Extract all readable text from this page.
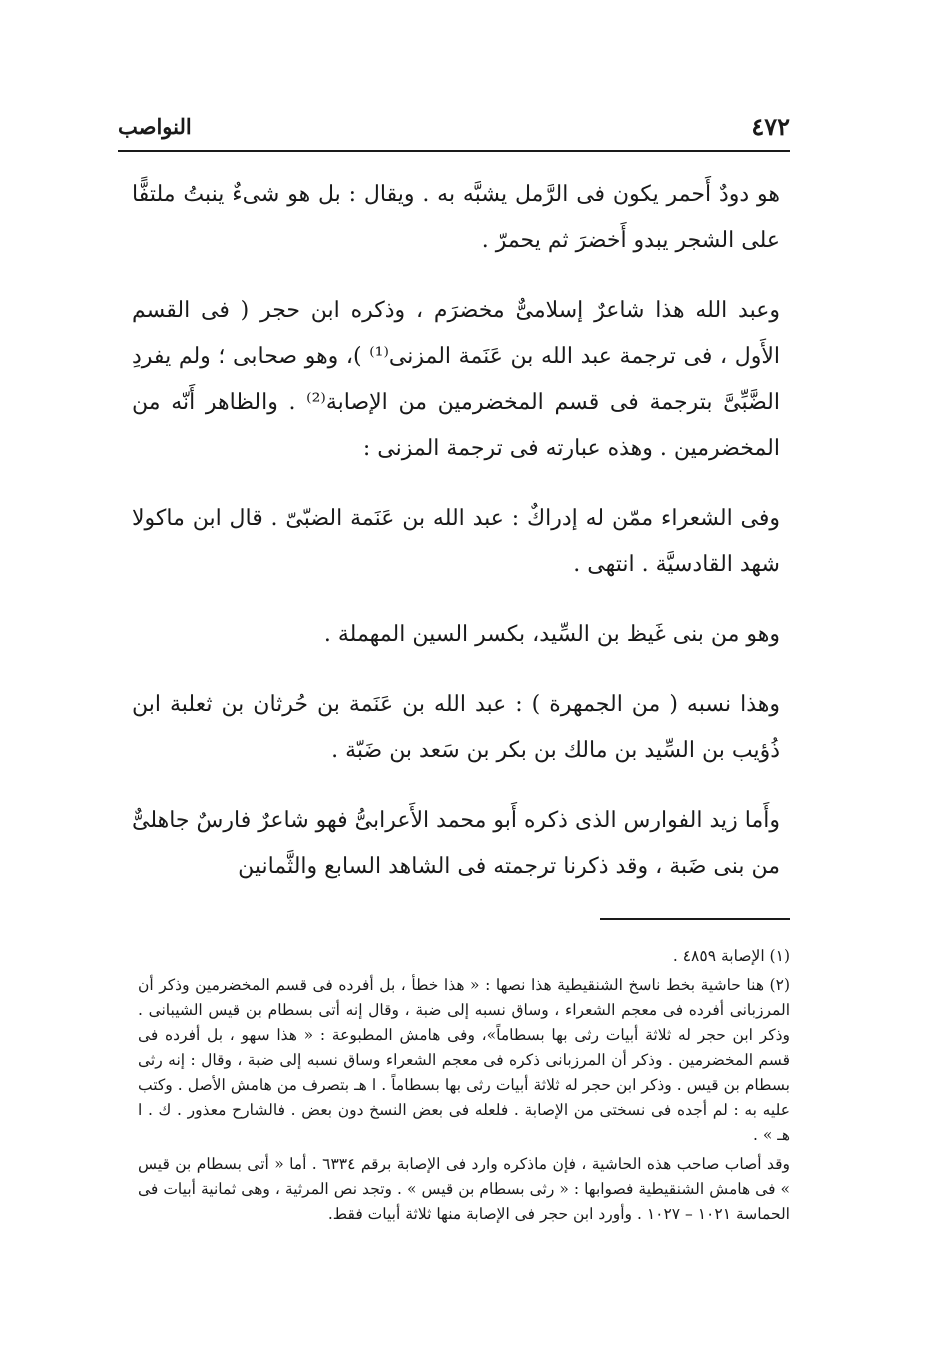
٤٧٢
النواصب

هو دودٌ أَحمر يكون فى الرَّمل يشبَّه به . ويقال : بل هو شىءٌ ينبتُ ملتفًّا على الشجر يبدو أَخضرَ ثم يحمرّ .

وعبد الله هذا شاعرٌ إسلامىٌّ مخضرَم ، وذكره ابن حجر ( فى القسم الأَول ، فى ترجمة عبد الله بن عَنَمة المزنى⁽¹⁾ )، وهو صحابى ؛ ولم يفردِ الضَّبِّىَّ بترجمة فى قسم المخضرمين من الإصابة⁽²⁾ . والظاهر أَنّه من المخضرمين . وهذه عبارته فى ترجمة المزنى :

وفى الشعراء ممّن له إدراكٌ : عبد الله بن عَنَمة الضبّىّ . قال ابن ماكولا شهد القادسيَّة . انتهى .

وهو من بنى غَيظ بن السِّيد، بكسر السين المهملة .

وهذا نسبه ( من الجمهرة ) : عبد الله بن عَنَمة بن حُرثان بن ثعلبة ابن ذُؤيب بن السِّيد بن مالك بن بكر بن سَعد بن ضَبّة .

وأَما زيد الفوارس الذى ذكره أَبو محمد الأَعرابىُّ فهو شاعرٌ فارسٌ جاهلىٌّ من بنى ضَبة ، وقد ذكرنا ترجمته فى الشاهد السابع والثَّمانين

(١) الإصابة ٤٨٥٩ .

(٢) هنا حاشية بخط ناسخ الشنقيطية هذا نصها : « هذا خطأ ، بل أفرده فى قسم المخضرمين وذكر أن المرزبانى أفرده فى معجم الشعراء ، وساق نسبه إلى ضبة ، وقال إنه أتى بسطام بن قيس الشيبانى . وذكر ابن حجر له ثلاثة أبيات رثى بها بسطاماً»، وفى هامش المطبوعة : « هذا سهو ، بل أفرده فى قسم المخضرمين . وذكر أن المرزبانى ذكره فى معجم الشعراء وساق نسبه إلى ضبة ، وقال : إنه رثى بسطام بن قيس . وذكر ابن حجر له ثلاثة أبيات رثى بها بسطاماً . ا هـ بتصرف من هامش الأصل . وكتب عليه به : لم أجده فى نسختى من الإصابة . فلعله فى بعض النسخ دون بعض . فالشارح معذور . ك . ا هـ » .

وقد أصاب صاحب هذه الحاشية ، فإن ماذكره وارد فى الإصابة برقم ٦٣٣٤ . أما « أتى بسطام بن قيس » فى هامش الشنقيطية فصوابها : « رثى بسطام بن قيس » . وتجد نص المرثية ، وهى ثمانية أبيات فى الحماسة ١٠٢١ – ١٠٢٧ . وأورد ابن حجر فى الإصابة منها ثلاثة أبيات فقط.
